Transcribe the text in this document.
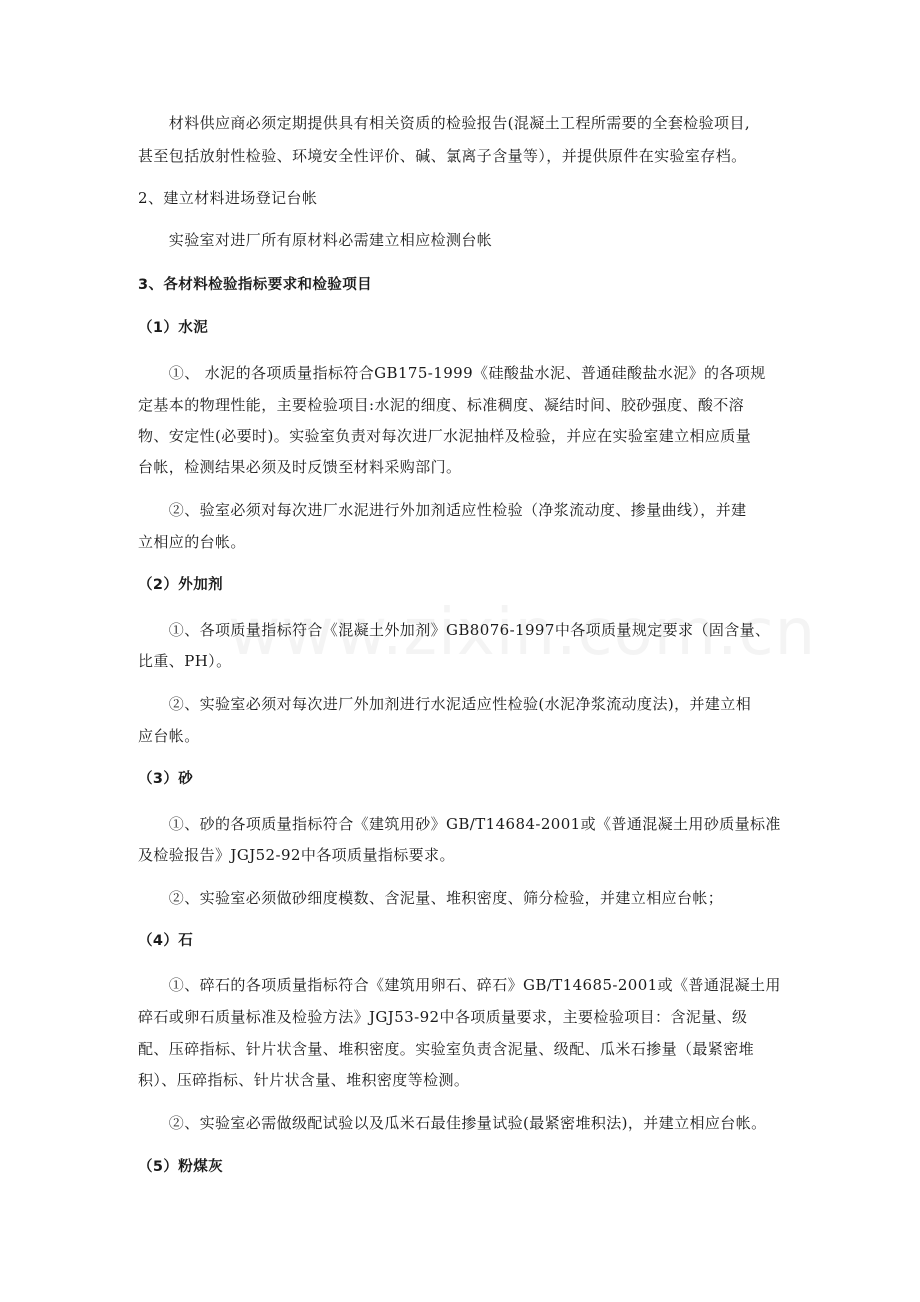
　　材料供应商必须定期提供具有相关资质的检验报告(混凝土工程所需要的全套检验项目,
甚至包括放射性检验、环境安全性评价、碱、氯离子含量等），并提供原件在实验室存档。
2、建立材料进场登记台帐
　　实验室对进厂所有原材料必需建立相应检测台帐
3、各材料检验指标要求和检验项目
（1）水泥
　　①、 水泥的各项质量指标符合GB175-1999《硅酸盐水泥、普通硅酸盐水泥》的各项规
定基本的物理性能，主要检验项目:水泥的细度、标准稠度、凝结时间、胶砂强度、酸不溶
物、安定性(必要时)。实验室负责对每次进厂水泥抽样及检验，并应在实验室建立相应质量
台帐，检测结果必须及时反馈至材料采购部门。
　　②、验室必须对每次进厂水泥进行外加剂适应性检验（净浆流动度、掺量曲线），并建
立相应的台帐。
（2）外加剂
　　①、各项质量指标符合《混凝土外加剂》GB8076-1997中各项质量规定要求（固含量、
比重、PH）。
　　②、实验室必须对每次进厂外加剂进行水泥适应性检验(水泥净浆流动度法)，并建立相
应台帐。
（3）砂
　　①、砂的各项质量指标符合《建筑用砂》GB/T14684-2001或《普通混凝土用砂质量标准
及检验报告》JGJ52-92中各项质量指标要求。
　　②、实验室必须做砂细度模数、含泥量、堆积密度、筛分检验，并建立相应台帐；
（4）石
　　①、碎石的各项质量指标符合《建筑用卵石、碎石》GB/T14685-2001或《普通混凝土用
碎石或卵石质量标准及检验方法》JGJ53-92中各项质量要求，主要检验项目：含泥量、级
配、压碎指标、针片状含量、堆积密度。实验室负责含泥量、级配、瓜米石掺量（最紧密堆
积）、压碎指标、针片状含量、堆积密度等检测。
　　②、实验室必需做级配试验以及瓜米石最佳掺量试验(最紧密堆积法)，并建立相应台帐。
（5）粉煤灰
